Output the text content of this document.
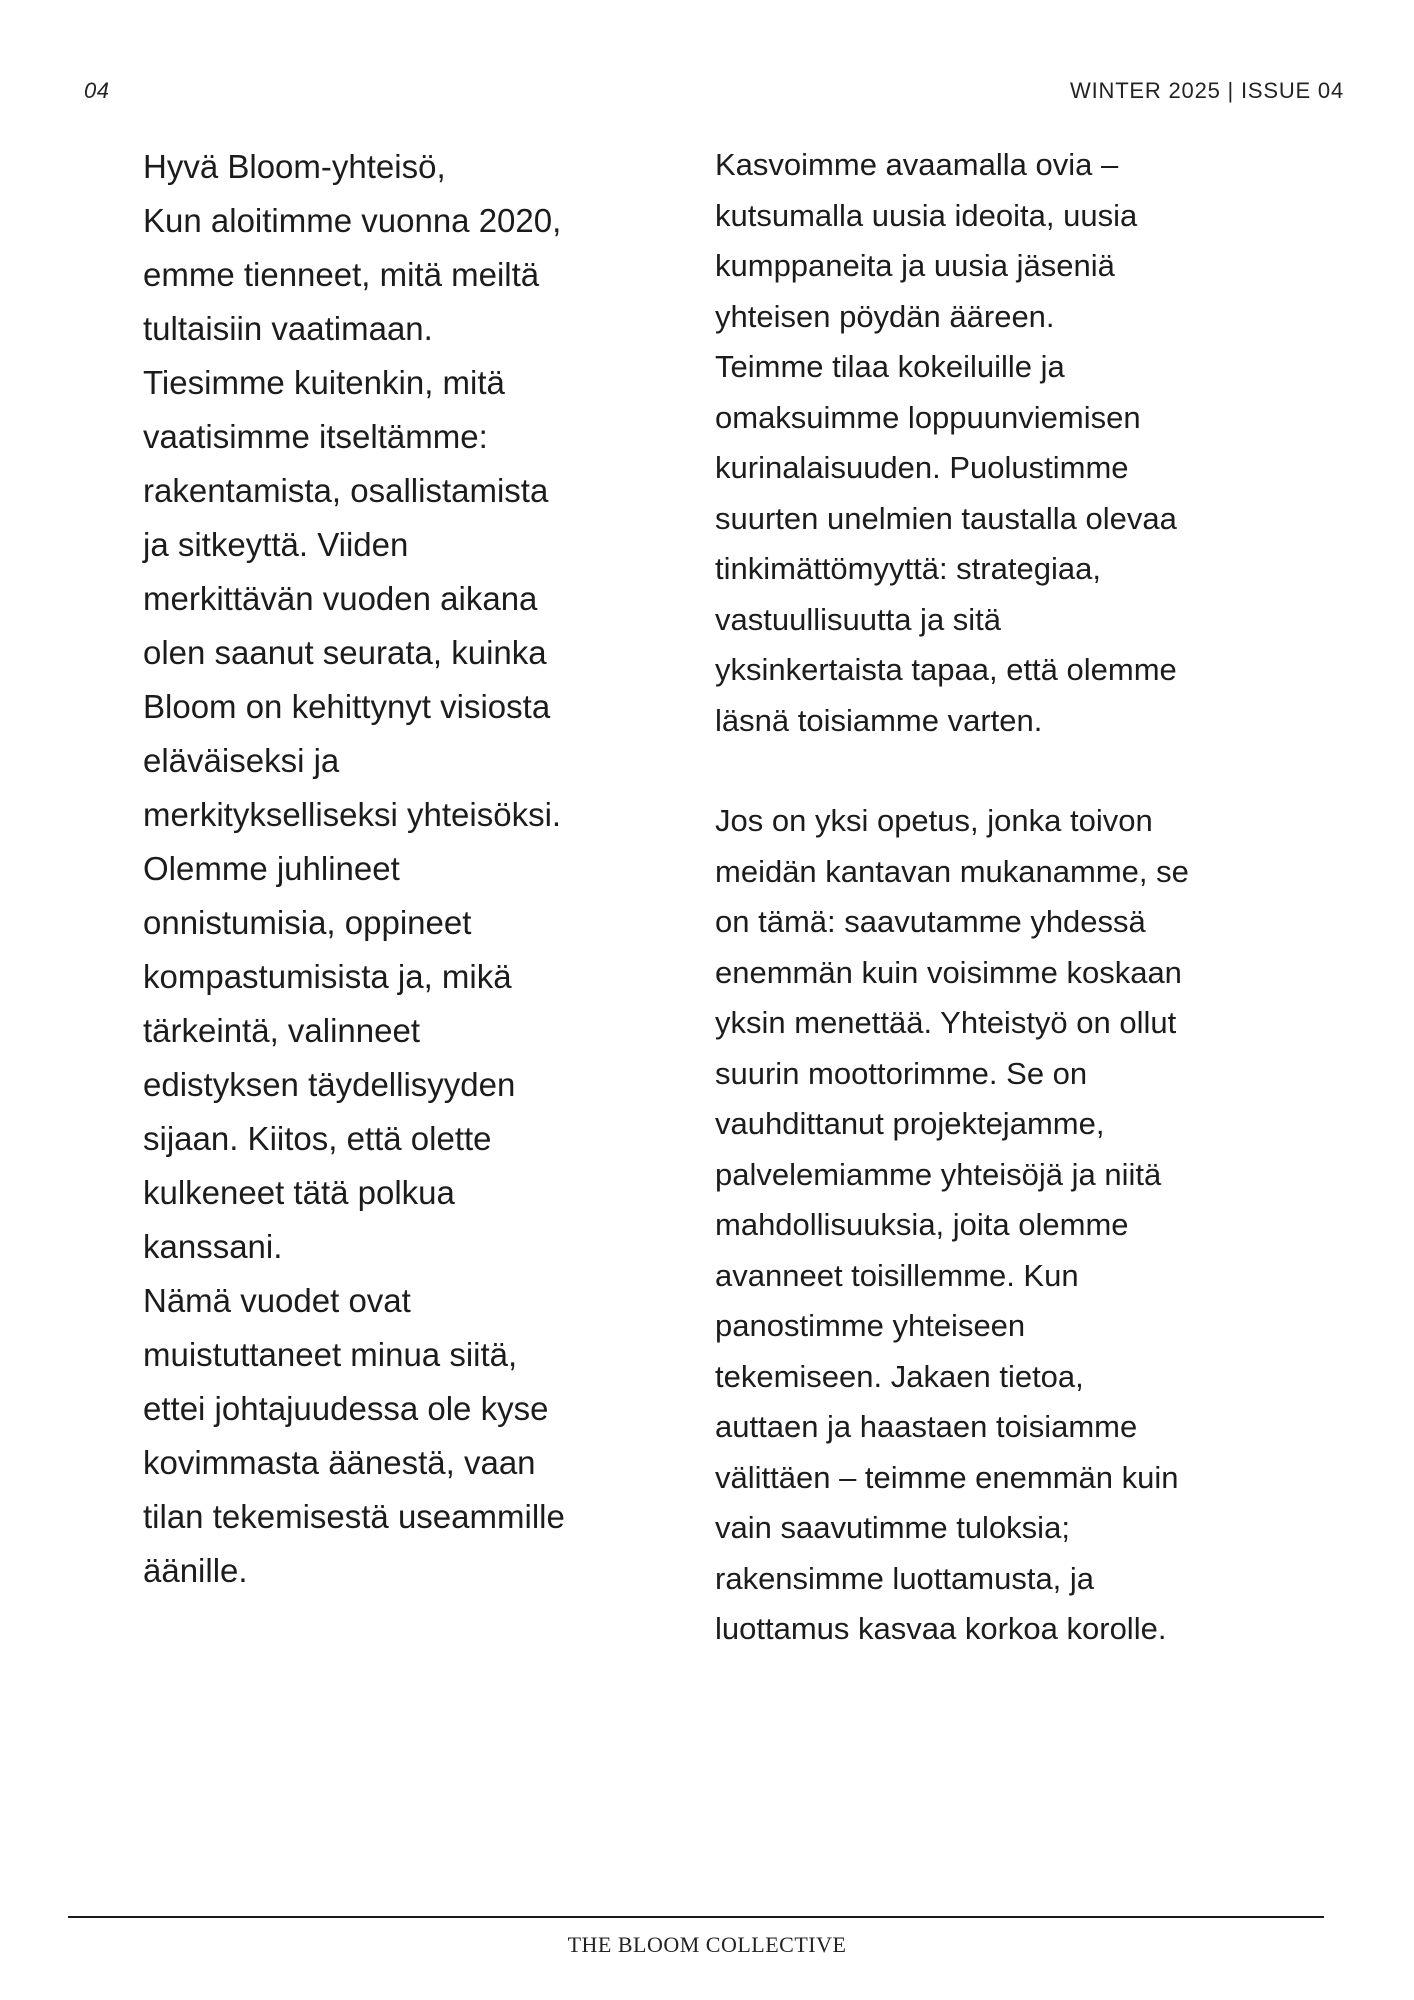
04	WINTER 2025 | ISSUE 04

Hyvä Bloom-yhteisö,

Kun aloitimme vuonna 2020,

emme tienneet, mitä meiltä

tultaisiin vaatimaan.

Tiesimme kuitenkin, mitä

vaatisimme itseltämme:

rakentamista, osallistamista

ja sitkeyttä. Viiden

merkittävän vuoden aikana

olen saanut seurata, kuinka

Bloom on kehittynyt visiosta

eläväiseksi ja

merkitykselliseksi yhteisöksi.

Olemme juhlineet

onnistumisia, oppineet

kompastumisista ja, mikä

tärkeintä, valinneet

edistyksen täydellisyyden

sijaan. Kiitos, että olette

kulkeneet tätä polkua

kanssani.

Nämä vuodet ovat

muistuttaneet minua siitä,

ettei johtajuudessa ole kyse

kovimmasta äänestä, vaan

tilan tekemisestä useammille

äänille.

Kasvoimme avaamalla ovia –

kutsumalla uusia ideoita, uusia

kumppaneita ja uusia jäseniä

yhteisen pöydän ääreen.

Teimme tilaa kokeiluille ja

omaksuimme loppuunviemisen

kurinalaisuuden. Puolustimme

suurten unelmien taustalla olevaa

tinkimättömyyttä: strategiaa,

vastuullisuutta ja sitä

yksinkertaista tapaa, että olemme

läsnä toisiamme varten.

Jos on yksi opetus, jonka toivon

meidän kantavan mukanamme, se

on tämä: saavutamme yhdessä

enemmän kuin voisimme koskaan

yksin menettää. Yhteistyö on ollut

suurin moottorimme. Se on

vauhdittanut projektejamme,

palvelemiamme yhteisöjä ja niitä

mahdollisuuksia, joita olemme

avanneet toisillemme. Kun

panostimme yhteiseen

tekemiseen. Jakaen tietoa,

auttaen ja haastaen toisiamme

välittäen – teimme enemmän kuin

vain saavutimme tuloksia;

rakensimme luottamusta, ja

luottamus kasvaa korkoa korolle.

THE BLOOM COLLECTIVE
